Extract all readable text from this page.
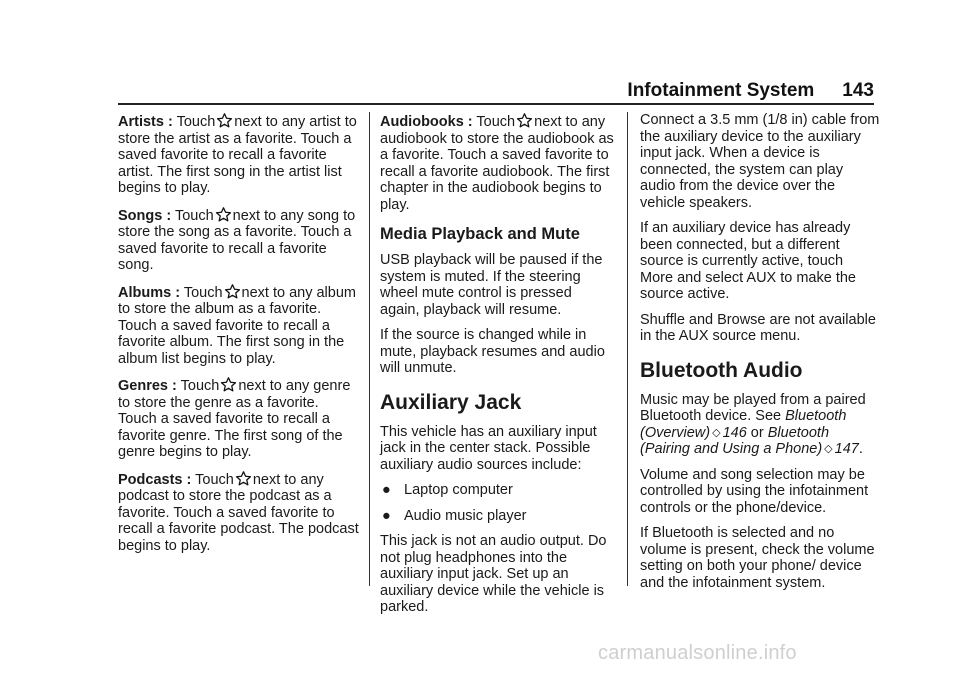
Infotainment System 143

Artists : Touch next to any artist to store the artist as a favorite. Touch a saved favorite to recall a favorite artist. The first song in the artist list begins to play.

Songs : Touch next to any song to store the song as a favorite. Touch a saved favorite to recall a favorite song.

Albums : Touch next to any album to store the album as a favorite. Touch a saved favorite to recall a favorite album. The first song in the album list begins to play.

Genres : Touch next to any genre to store the genre as a favorite. Touch a saved favorite to recall a favorite genre. The first song of the genre begins to play.

Podcasts : Touch next to any podcast to store the podcast as a favorite. Touch a saved favorite to recall a favorite podcast. The podcast begins to play.

Audiobooks : Touch next to any audiobook to store the audiobook as a favorite. Touch a saved favorite to recall a favorite audiobook. The first chapter in the audiobook begins to play.

Media Playback and Mute

USB playback will be paused if the system is muted. If the steering wheel mute control is pressed again, playback will resume.

If the source is changed while in mute, playback resumes and audio will unmute.

Auxiliary Jack

This vehicle has an auxiliary input jack in the center stack. Possible auxiliary audio sources include:

● Laptop computer
● Audio music player

This jack is not an audio output. Do not plug headphones into the auxiliary input jack. Set up an auxiliary device while the vehicle is parked.

Connect a 3.5 mm (1/8 in) cable from the auxiliary device to the auxiliary input jack. When a device is connected, the system can play audio from the device over the vehicle speakers.

If an auxiliary device has already been connected, but a different source is currently active, touch More and select AUX to make the source active.

Shuffle and Browse are not available in the AUX source menu.

Bluetooth Audio

Music may be played from a paired Bluetooth device. See Bluetooth (Overview) ◇ 146 or Bluetooth (Pairing and Using a Phone) ◇ 147.

Volume and song selection may be controlled by using the infotainment controls or the phone/device.

If Bluetooth is selected and no volume is present, check the volume setting on both your phone/ device and the infotainment system.

carmanualsonline.info
